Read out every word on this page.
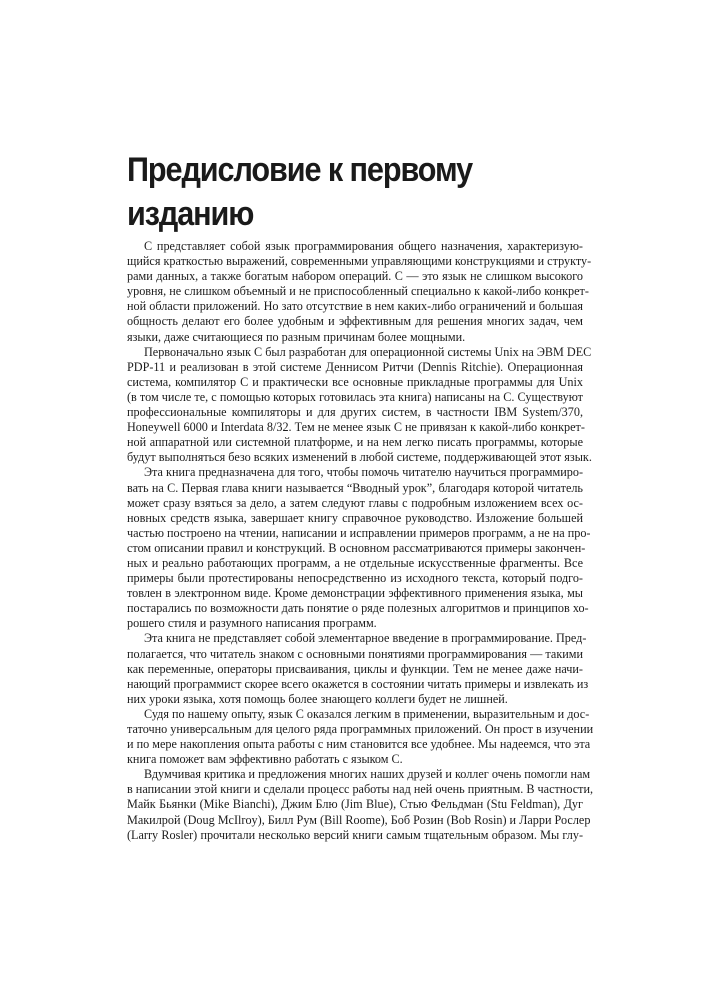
Предисловие к первому
изданию
С представляет собой язык программирования общего назначения, характеризую-
щийся краткостью выражений, современными управляющими конструкциями и структу-
рами данных, а также богатым набором операций. С — это язык не слишком высокого
уровня, не слишком объемный и не приспособленный специально к какой-либо конкрет-
ной области приложений. Но зато отсутствие в нем каких-либо ограничений и большая
общность делают его более удобным и эффективным для решения многих задач, чем
языки, даже считающиеся по разным причинам более мощными.
Первоначально язык С был разработан для операционной системы Unix на ЭВМ DEC
PDP-11 и реализован в этой системе Деннисом Ритчи (Dennis Ritchie). Операционная
система, компилятор С и практически все основные прикладные программы для Unix
(в том числе те, с помощью которых готовилась эта книга) написаны на С. Существуют
профессиональные компиляторы и для других систем, в частности IBM System/370,
Honeywell 6000 и Interdata 8/32. Тем не менее язык С не привязан к какой-либо конкрет-
ной аппаратной или системной платформе, и на нем легко писать программы, которые
будут выполняться безо всяких изменений в любой системе, поддерживающей этот язык.
Эта книга предназначена для того, чтобы помочь читателю научиться программиро-
вать на С. Первая глава книги называется “Вводный урок”, благодаря которой читатель
может сразу взяться за дело, а затем следуют главы с подробным изложением всех ос-
новных средств языка, завершает книгу справочное руководство. Изложение большей
частью построено на чтении, написании и исправлении примеров программ, а не на про-
стом описании правил и конструкций. В основном рассматриваются примеры закончен-
ных и реально работающих программ, а не отдельные искусственные фрагменты. Все
примеры были протестированы непосредственно из исходного текста, который подго-
товлен в электронном виде. Кроме демонстрации эффективного применения языка, мы
постарались по возможности дать понятие о ряде полезных алгоритмов и принципов хо-
рошего стиля и разумного написания программ.
Эта книга не представляет собой элементарное введение в программирование. Пред-
полагается, что читатель знаком с основными понятиями программирования — такими
как переменные, операторы присваивания, циклы и функции. Тем не менее даже начи-
нающий программист скорее всего окажется в состоянии читать примеры и извлекать из
них уроки языка, хотя помощь более знающего коллеги будет не лишней.
Судя по нашему опыту, язык С оказался легким в применении, выразительным и дос-
таточно универсальным для целого ряда программных приложений. Он прост в изучении
и по мере накопления опыта работы с ним становится все удобнее. Мы надеемся, что эта
книга поможет вам эффективно работать с языком С.
Вдумчивая критика и предложения многих наших друзей и коллег очень помогли нам
в написании этой книги и сделали процесс работы над ней очень приятным. В частности,
Майк Бьянки (Mike Bianchi), Джим Блю (Jim Blue), Стью Фельдман (Stu Feldman), Дуг
Макилрой (Doug McIlroy), Билл Рум (Bill Roome), Боб Розин (Bob Rosin) и Ларри Рослер
(Larry Rosler) прочитали несколько версий книги самым тщательным образом. Мы глу-
